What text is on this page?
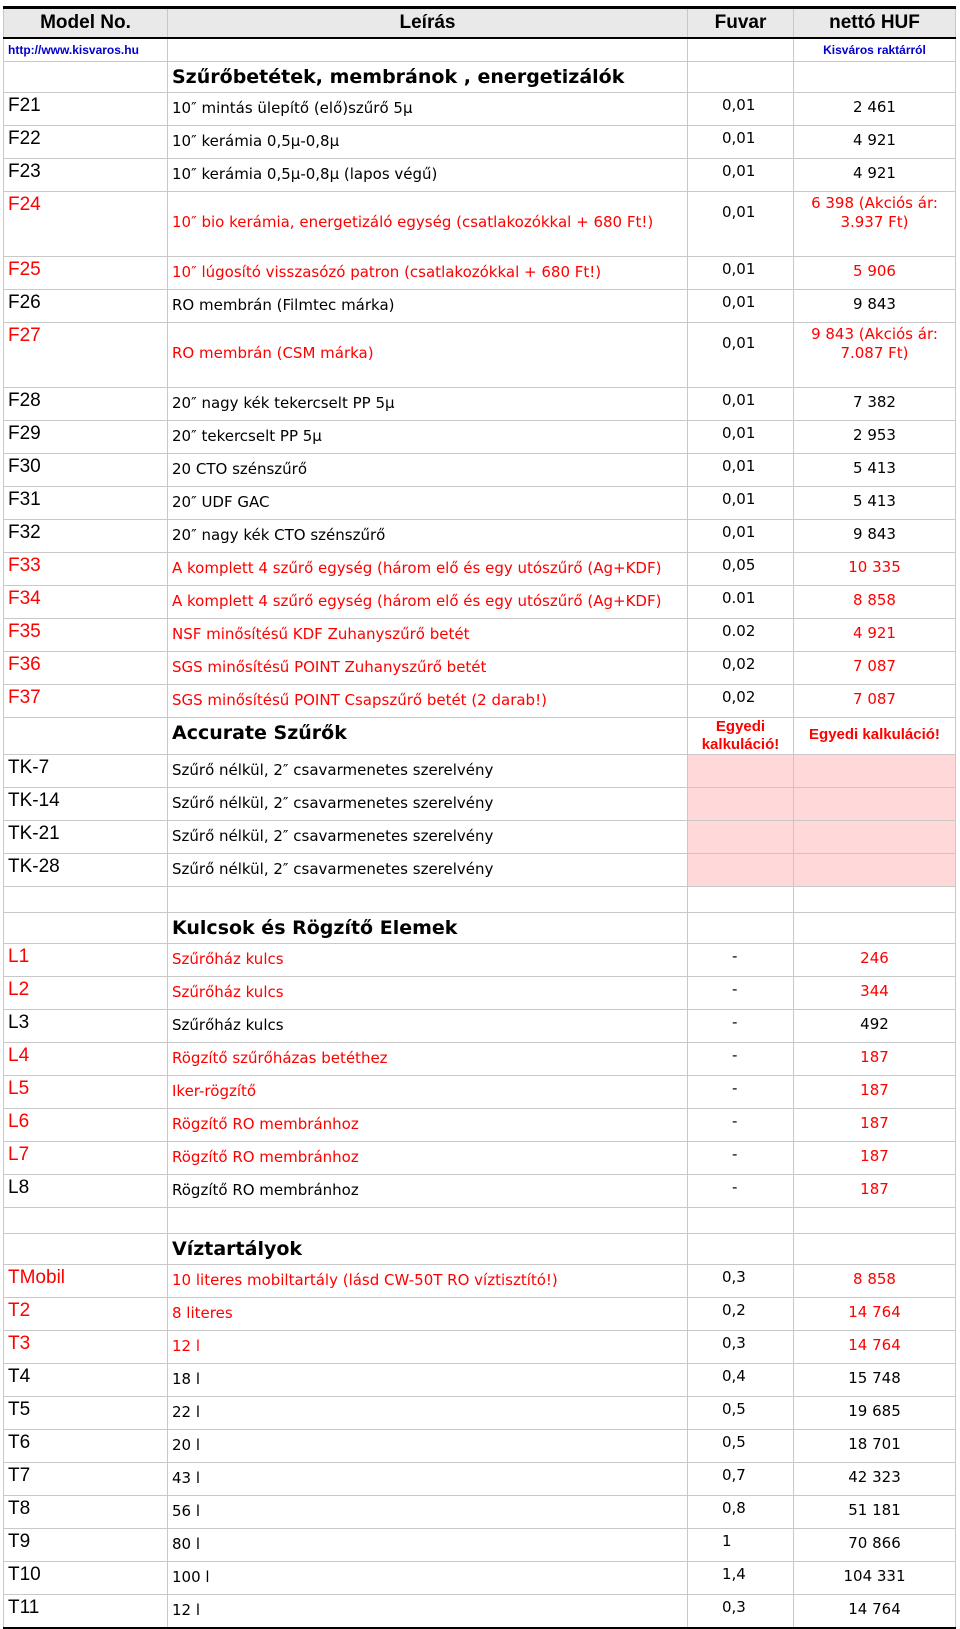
Model No.	Leírás	Fuvar	nettó HUF
http://www.kisvaros.hu			Kisváros raktárról
	Szűrőbetétek, membránok , energetizálók		
F21	10″ mintás ülepítő (elő)szűrő 5µ	0,01	2 461
F22	10″ kerámia 0,5µ-0,8µ	0,01	4 921
F23	10″ kerámia 0,5µ-0,8µ (lapos végű)	0,01	4 921
F24	10″ bio kerámia, energetizáló egység (csatlakozókkal + 680 Ft!)	0,01	6 398 (Akciós ár: 3.937 Ft)
F25	10″ lúgosító visszasózó patron (csatlakozókkal + 680 Ft!)	0,01	5 906
F26	RO membrán (Filmtec márka)	0,01	9 843
F27	RO membrán (CSM márka)	0,01	9 843 (Akciós ár: 7.087 Ft)
F28	20″ nagy kék tekercselt PP 5µ	0,01	7 382
F29	20″ tekercselt PP 5µ	0,01	2 953
F30	20 CTO szénszűrő	0,01	5 413
F31	20″ UDF GAC	0,01	5 413
F32	20″ nagy kék CTO szénszűrő	0,01	9 843
F33	A komplett 4 szűrő egység (három elő és egy utószűrő (Ag+KDF)	0,05	10 335
F34	A komplett 4 szűrő egység (három elő és egy utószűrő (Ag+KDF)	0.01	8 858
F35	NSF minősítésű KDF Zuhanyszűrő betét	0.02	4 921
F36	SGS minősítésű POINT Zuhanyszűrő betét	0,02	7 087
F37	SGS minősítésű POINT Csapszűrő betét (2 darab!)	0,02	7 087
	Accurate Szűrők	Egyedi kalkuláció!	Egyedi kalkuláció!
TK-7	Szűrő nélkül, 2″ csavarmenetes szerelvény		
TK-14	Szűrő nélkül, 2″ csavarmenetes szerelvény		
TK-21	Szűrő nélkül, 2″ csavarmenetes szerelvény		
TK-28	Szűrő nélkül, 2″ csavarmenetes szerelvény		

	Kulcsok és Rögzítő Elemek		
L1	Szűrőház kulcs	-	246
L2	Szűrőház kulcs	-	344
L3	Szűrőház kulcs	-	492
L4	Rögzítő szűrőházas betéthez	-	187
L5	Iker-rögzítő	-	187
L6	Rögzítő RO membránhoz	-	187
L7	Rögzítő RO membránhoz	-	187
L8	Rögzítő RO membránhoz	-	187

	Víztartályok		
TMobil	10 literes mobiltartály (lásd CW-50T RO víztisztító!)	0,3	8 858
T2	8 literes	0,2	14 764
T3	12 l	0,3	14 764
T4	18 l	0,4	15 748
T5	22 l	0,5	19 685
T6	20 l	0,5	18 701
T7	43 l	0,7	42 323
T8	56 l	0,8	51 181
T9	80 l	1	70 866
T10	100 l	1,4	104 331
T11	12 l	0,3	14 764
